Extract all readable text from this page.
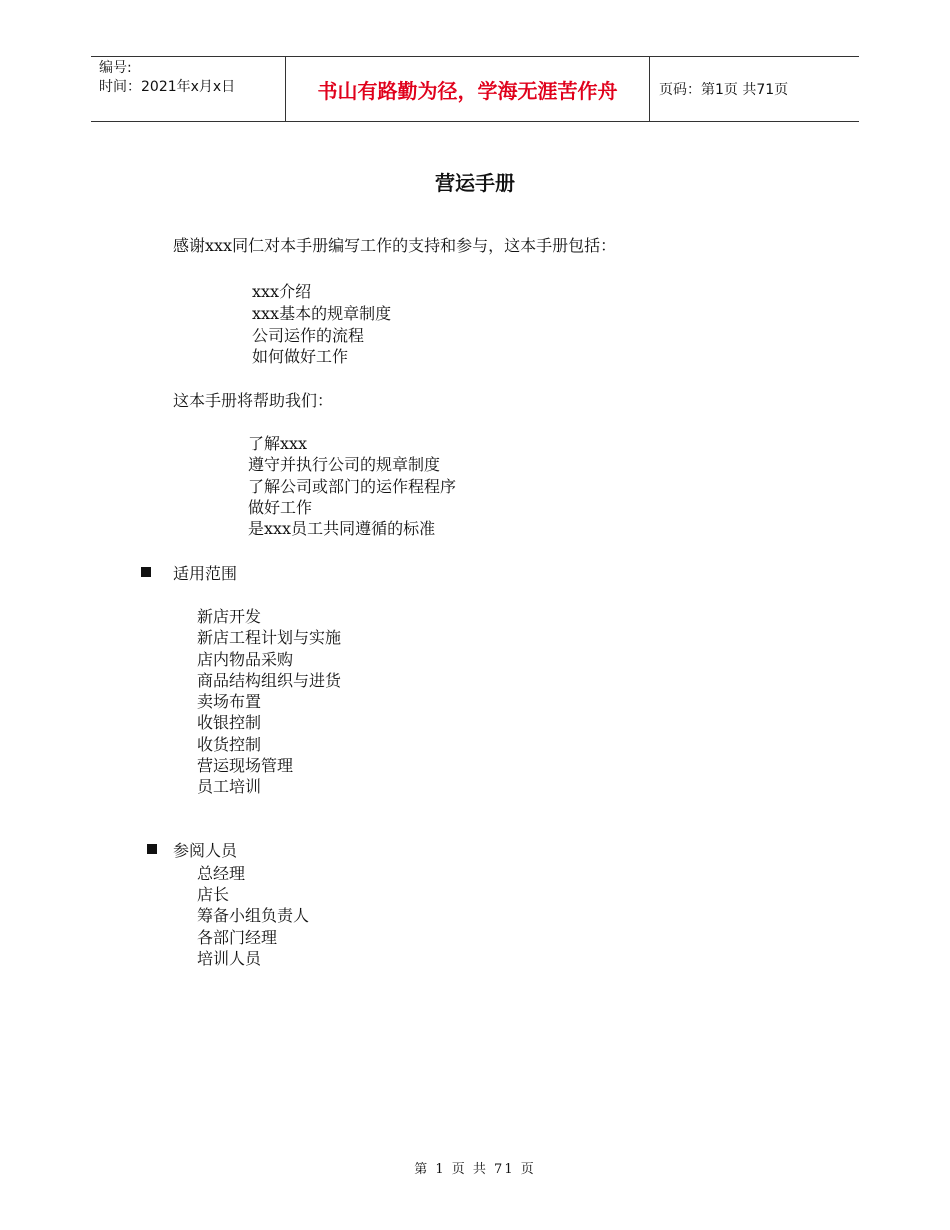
编号:
时间：2021年x月x日	书山有路勤为径，学海无涯苦作舟	页码：第1页 共71页
营运手册
感谢xxx同仁对本手册编写工作的支持和参与，这本手册包括：
xxx介绍
xxx基本的规章制度
公司运作的流程
如何做好工作
这本手册将帮助我们：
了解xxx
遵守并执行公司的规章制度
了解公司或部门的运作程程序
做好工作
是xxx员工共同遵循的标准
适用范围
新店开发
新店工程计划与实施
店内物品采购
商品结构组织与进货
卖场布置
收银控制
收货控制
营运现场管理
员工培训
参阅人员
总经理
店长
筹备小组负责人
各部门经理
培训人员
第 1 页 共 71 页
